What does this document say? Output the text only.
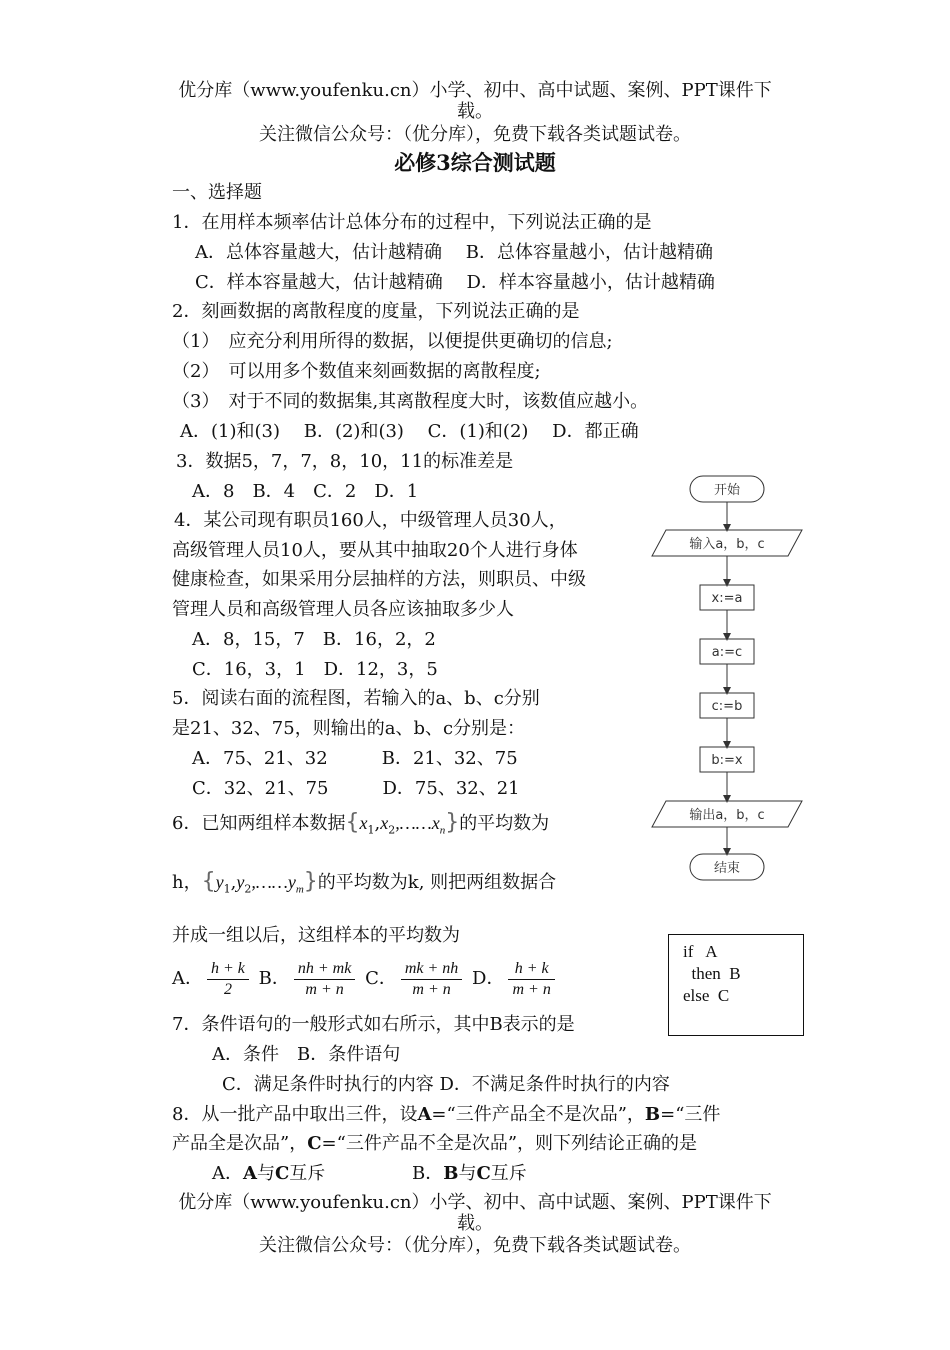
优分库（www.youfenku.cn）小学、初中、高中试题、案例、PPT课件下
载。
关注微信公众号：（优分库），免费下载各类试题试卷。
必修3综合测试题
一、选择题
1．在用样本频率估计总体分布的过程中，下列说法正确的是
A．总体容量越大，估计越精确　 B．总体容量越小，估计越精确
C．样本容量越大，估计越精确　 D．样本容量越小，估计越精确
2．刻画数据的离散程度的度量，下列说法正确的是
（1）　应充分利用所得的数据，以便提供更确切的信息;
（2）　可以用多个数值来刻画数据的离散程度;
（3）　对于不同的数据集,其离散程度大时，该数值应越小。
A．(1)和(3)　 B．(2)和(3)　 C．(1)和(2)　 D．都正确
3．数据5，7，7，8，10，11的标准差是
A．8　B．4　C．2　D．1
4．某公司现有职员160人，中级管理人员30人，
高级管理人员10人，要从其中抽取20个人进行身体
健康检查，如果采用分层抽样的方法，则职员、中级
管理人员和高级管理人员各应该抽取多少人
A．8，15，7　B．16，2，2
C．16，3，1　D．12，3，5
5．阅读右面的流程图，若输入的a、b、c分别
是21、32、75，则输出的a、b、c分别是：
A．75、21、32　　　B．21、32、75
C．32、21、75　　　D．75、32、21
6．已知两组样本数据$\{x_1,x_2,\dots\dots x_n\}$的平均数为
h，$\{y_1,y_2,\dots\dots y_m\}$的平均数为k, 则把两组数据合
并成一组以后，这组样本的平均数为
A． $\frac{h + k}{2}$ B． $\frac{nh + mk}{m + n}$ C． $\frac{mk + nh}{m + n}$ D． $\frac{h + k}{m + n}$
7．条件语句的一般形式如右所示，其中B表示的是
A．条件　B．条件语句
C．满足条件时执行的内容 D．不满足条件时执行的内容
if   A
then  B
else  C
8．从一批产品中取出三件，设A=“三件产品全不是次品”，B=“三件
产品全是次品”，C=“三件产品不全是次品”，则下列结论正确的是
A．A与C互斥	B．B与C互斥
优分库（www.youfenku.cn）小学、初中、高中试题、案例、PPT课件下
载。
关注微信公众号：（优分库），免费下载各类试题试卷。
开始
输入a，b，c
x:=a
a:=c
c:=b
b:=x
输出a，b，c
结束
